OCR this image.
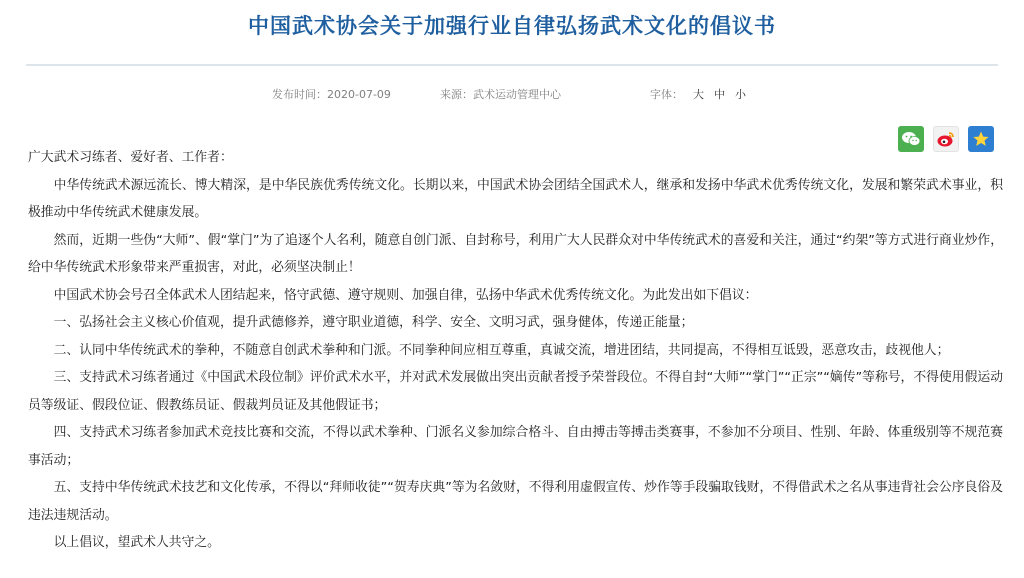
中国武术协会关于加强行业自律弘扬武术文化的倡议书
发布时间：2020-07-09	来源：武术运动管理中心	字体： 大 中 小

广大武术习练者、爱好者、工作者：

中华传统武术源远流长、博大精深，是中华民族优秀传统文化。长期以来，中国武术协会团结全国武术人，继承和发扬中华武术优秀传统文化，发展和繁荣武术事业，积极推动中华传统武术健康发展。

然而，近期一些伪“大师”、假“掌门”为了追逐个人名利，随意自创门派、自封称号，利用广大人民群众对中华传统武术的喜爱和关注，通过“约架”等方式进行商业炒作，给中华传统武术形象带来严重损害，对此，必须坚决制止！

中国武术协会号召全体武术人团结起来，恪守武德、遵守规则、加强自律，弘扬中华武术优秀传统文化。为此发出如下倡议：

一、弘扬社会主义核心价值观，提升武德修养，遵守职业道德，科学、安全、文明习武，强身健体，传递正能量；

二、认同中华传统武术的拳种，不随意自创武术拳种和门派。不同拳种间应相互尊重，真诚交流，增进团结，共同提高，不得相互诋毁，恶意攻击，歧视他人；

三、支持武术习练者通过《中国武术段位制》评价武术水平，并对武术发展做出突出贡献者授予荣誉段位。不得自封“大师”“掌门”“正宗”“嫡传”等称号，不得使用假运动员等级证、假段位证、假教练员证、假裁判员证及其他假证书；

四、支持武术习练者参加武术竞技比赛和交流，不得以武术拳种、门派名义参加综合格斗、自由搏击等搏击类赛事，不参加不分项目、性别、年龄、体重级别等不规范赛事活动；

五、支持中华传统武术技艺和文化传承，不得以“拜师收徒”“贺寿庆典”等为名敛财，不得利用虚假宣传、炒作等手段骗取钱财，不得借武术之名从事违背社会公序良俗及违法违规活动。

以上倡议，望武术人共守之。
